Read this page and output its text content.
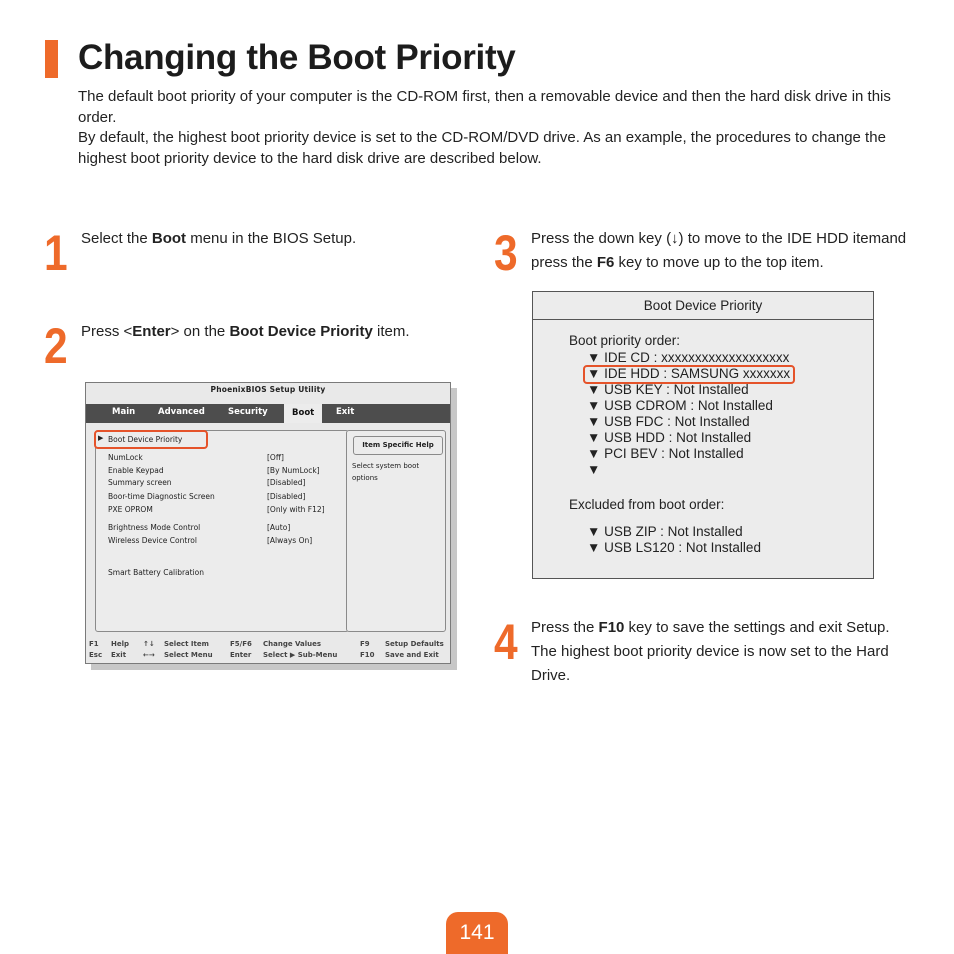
Changing the Boot Priority

The default boot priority of your computer is the CD-ROM first, then a removable device and then the hard disk drive in this order.

By default, the highest boot priority device is set to the CD-ROM/DVD drive. As an example, the procedures to change the highest boot priority device to the hard disk drive are described below.

1 Select the Boot menu in the BIOS Setup.
2 Press <Enter> on the Boot Device Priority item.
3 Press the down key (↓) to move to the IDE HDD itemand press the F6 key to move up to the top item.
4 Press the F10 key to save the settings and exit Setup. The highest boot priority device is now set to the Hard Drive.
PhoenixBIOS Setup Utility
Main	Advanced	Security	Boot	Exit
▶ Boot Device Priority
NumLock	[Off]
Enable Keypad	[By NumLock]
Summary screen	[Disabled]
Boor-time Diagnostic Screen	[Disabled]
PXE OPROM	[Only with F12]
Brightness Mode Control	[Auto]
Wireless Device Control	[Always On]
Smart Battery Calibration
Item Specific Help
Select system boot options
F1 Help ↑↓ Select Item	F5/F6 Change Values	F9 Setup Defaults
Esc Exit ←→ Select Menu Enter Select ▶ Sub-Menu	F10 Save and Exit
Boot Device Priority
Boot priority order:
▼ IDE CD : xxxxxxxxxxxxxxxxxxx
▼ IDE HDD : SAMSUNG xxxxxxx
▼ USB KEY : Not Installed
▼ USB CDROM : Not Installed
▼ USB FDC : Not Installed
▼ USB HDD : Not Installed
▼ PCI BEV : Not Installed
▼
Excluded from boot order:
▼ USB ZIP : Not Installed
▼ USB LS120 : Not Installed
141
